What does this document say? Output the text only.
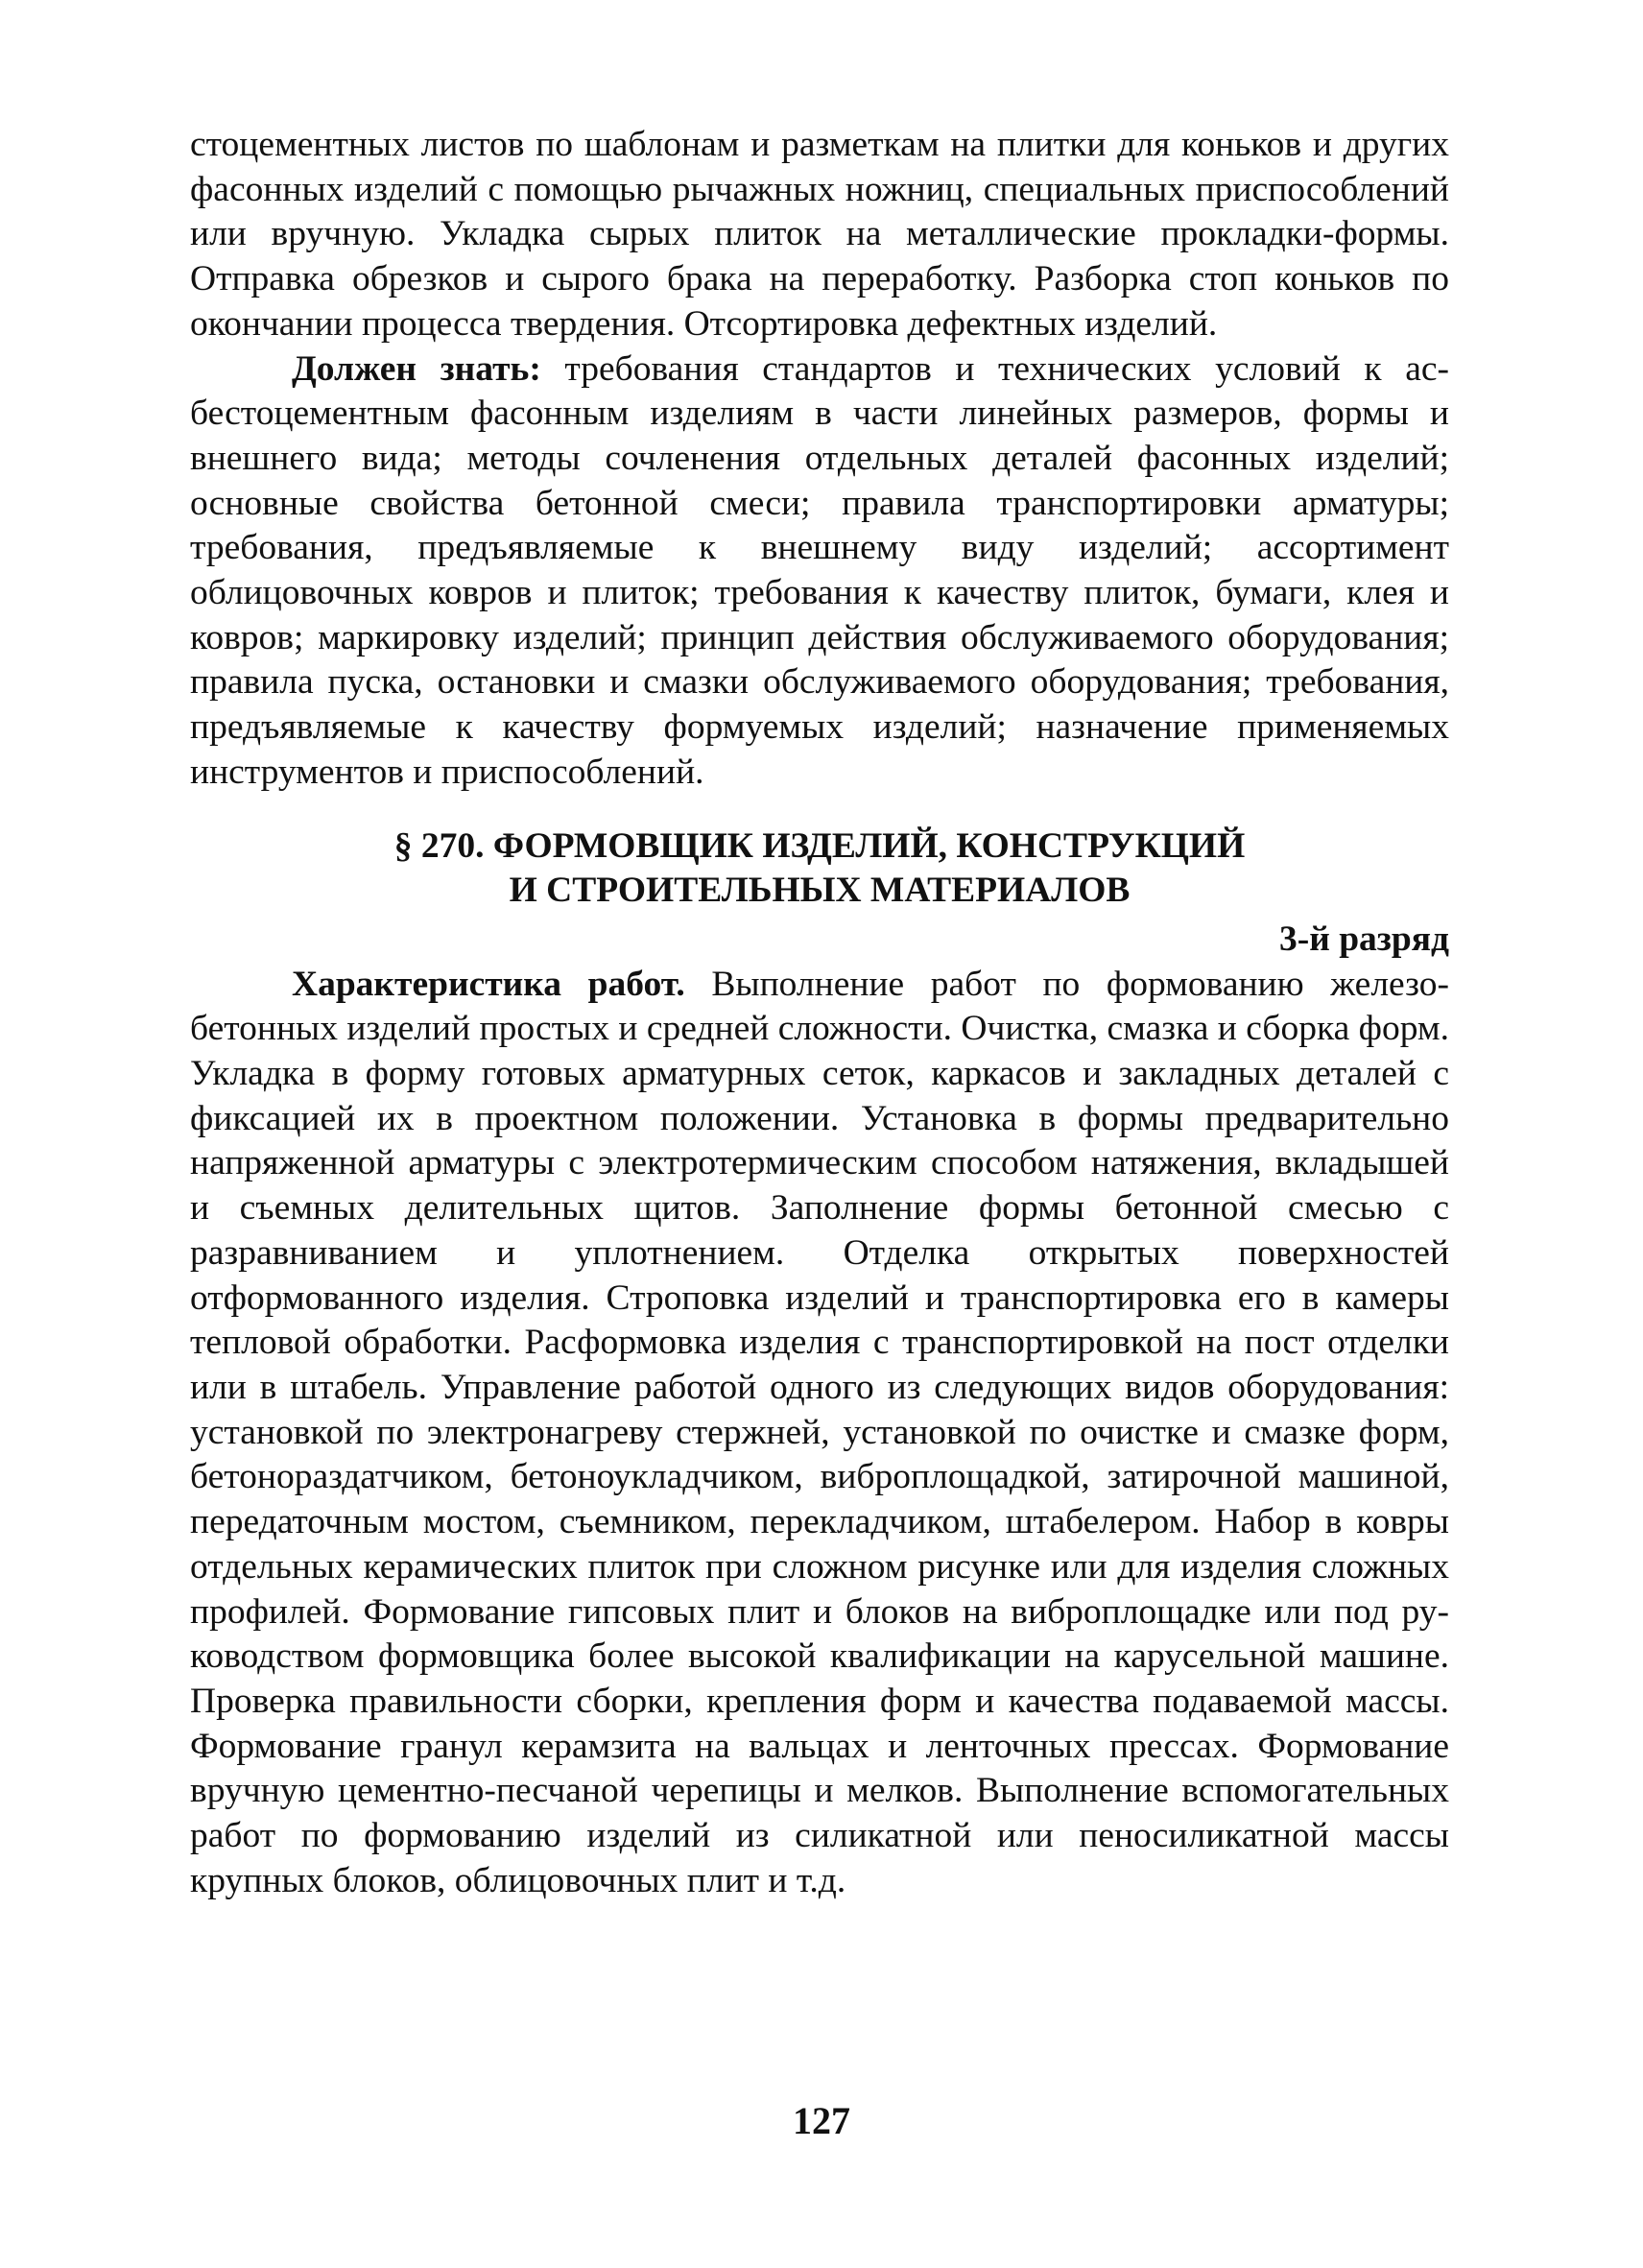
стоцементных листов по шаблонам и разметкам на плитки для коньков и других фасонных изделий с помощью рычажных ножниц, специальных приспособлений или вручную. Укладка сырых плиток на металлические прокладки-формы. Отправка обрезков и сырого брака на переработку. Разборка стоп коньков по окончании процесса твердения. Отсортировка дефектных изделий.

Должен знать: требования стандартов и технических условий к асбестоцементным фасонным изделиям в части линейных размеров, формы и внешнего вида; методы сочленения отдельных деталей фасонных изделий; основные свойства бетонной смеси; правила транспортировки арматуры; требования, предъявляемые к внешнему виду изделий; ассортимент облицовочных ковров и плиток; требования к качеству плиток, бумаги, клея и ковров; маркировку изделий; принцип действия обслуживаемого оборудования; правила пуска, остановки и смазки обслуживаемого оборудования; требования, предъявляемые к качеству формуемых изделий; назначение применяемых инструментов и приспособлений.

§ 270. ФОРМОВЩИК ИЗДЕЛИЙ, КОНСТРУКЦИЙ
И СТРОИТЕЛЬНЫХ МАТЕРИАЛОВ
3-й разряд

Характеристика работ. Выполнение работ по формованию железобетонных изделий простых и средней сложности. Очистка, смазка и сборка форм. Укладка в форму готовых арматурных сеток, каркасов и закладных деталей с фиксацией их в проектном положении. Установка в формы предварительно напряженной арматуры с электротермическим способом натяжения, вкладышей и съемных делительных щитов. Заполнение формы бетонной смесью с разравниванием и уплотнением. Отделка открытых поверхностей отформованного изделия. Строповка изделий и транспортировка его в камеры тепловой обработки. Расформовка изделия с транспортировкой на пост отделки или в штабель. Управление работой одного из следующих видов оборудования: установкой по электронагреву стержней, установкой по очистке и смазке форм, бетонораздатчиком, бетоноукладчиком, виброплощадкой, затирочной машиной, передаточным мостом, съемником, перекладчиком, штабелером. Набор в ковры отдельных керамических плиток при сложном рисунке или для изделия сложных профилей. Формование гипсовых плит и блоков на виброплощадке или под руководством формовщика более высокой квалификации на карусельной машине. Проверка правильности сборки, крепления форм и качества подаваемой массы. Формование гранул керамзита на вальцах и ленточных прессах. Формование вручную цементно-песчаной черепицы и мелков. Выполнение вспомогательных работ по формованию изделий из силикатной или пеносиликатной массы крупных блоков, облицовочных плит и т.д.

127
